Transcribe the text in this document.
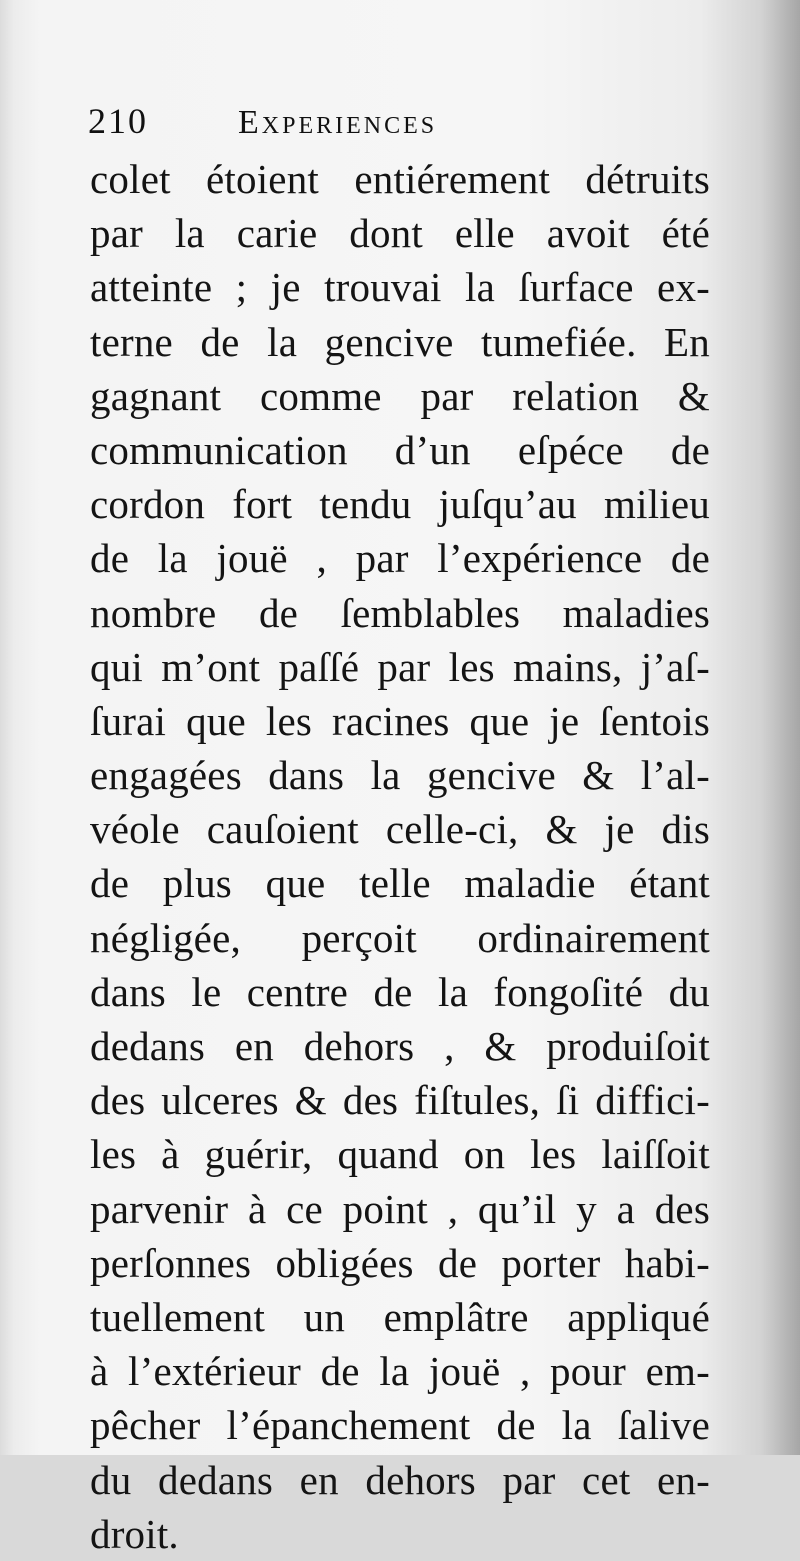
210	Experiences
colet étoient entiérement détruits
par la carie dont elle avoit été
atteinte ; je trouvai la ſurface ex-
terne de la gencive tumefiée. En
gagnant comme par relation &
communication d’un eſpéce de
cordon fort tendu juſqu’au milieu
de la jouë , par l’expérience de
nombre de ſemblables maladies
qui m’ont paſſé par les mains, j’aſ-
ſurai que les racines que je ſentois
engagées dans la gencive & l’al-
véole cauſoient celle-ci, & je dis
de plus que telle maladie étant
négligée, perçoit ordinairement
dans le centre de la fongoſité du
dedans en dehors , & produiſoit
des ulceres & des fiſtules, ſi diffici-
les à guérir, quand on les laiſſoit
parvenir à ce point , qu’il y a des
perſonnes obligées de porter habi-
tuellement un emplâtre appliqué
à l’extérieur de la jouë , pour em-
pêcher l’épanchement de la ſalive
du dedans en dehors par cet en-
droit.
